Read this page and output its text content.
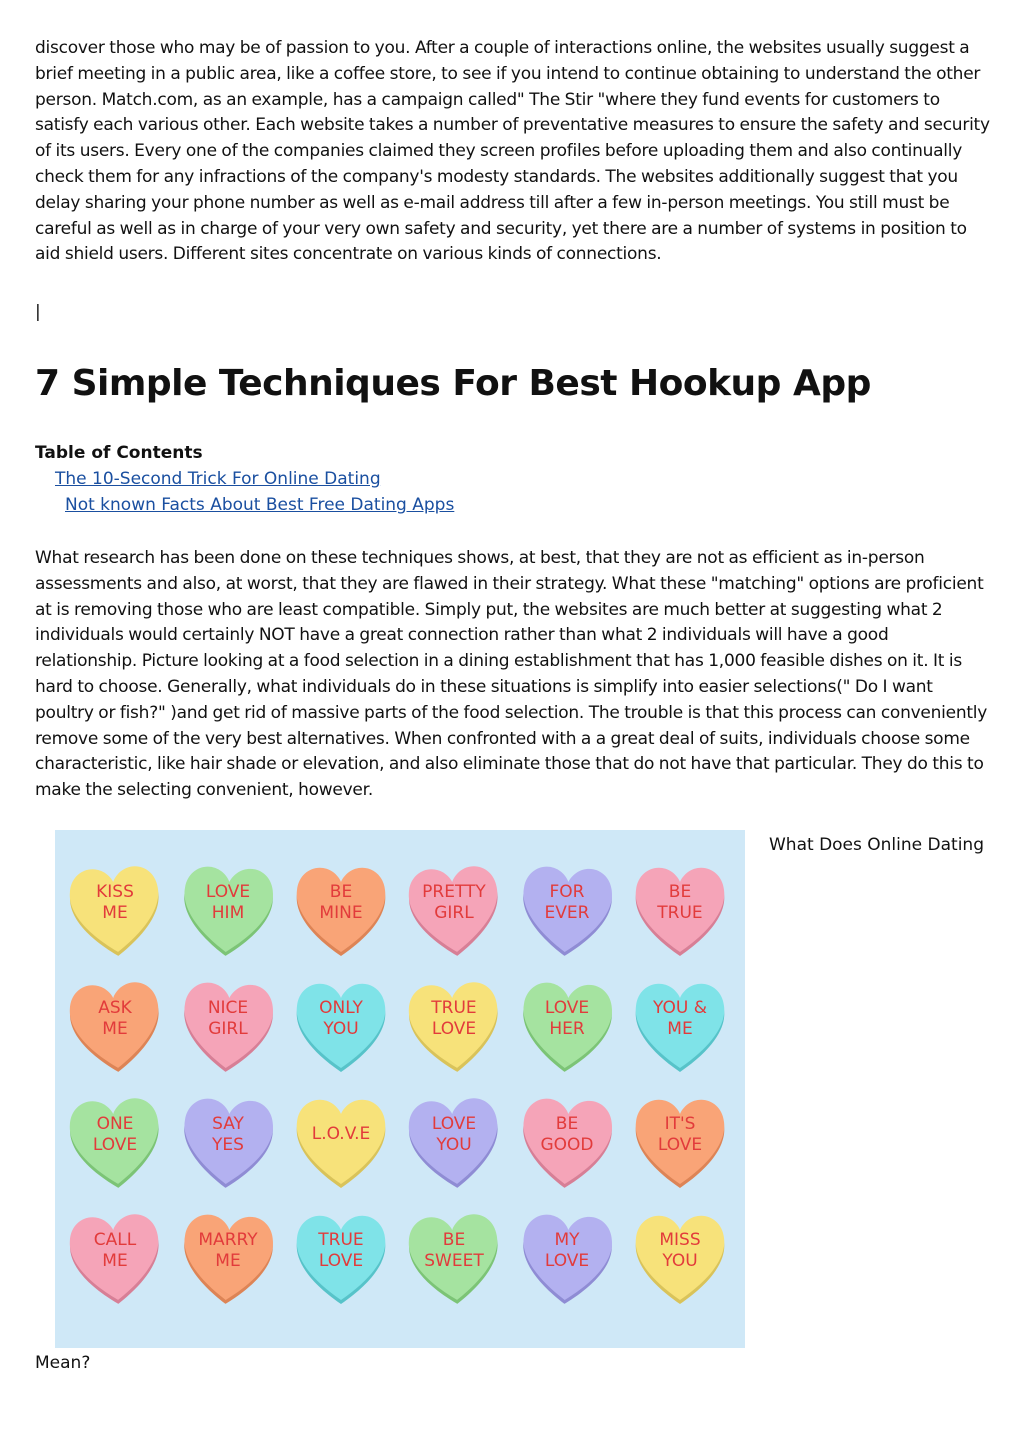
discover those who may be of passion to you. After a couple of interactions online, the websites usually suggest a brief meeting in a public area, like a coffee store, to see if you intend to continue obtaining to understand the other person. Match.com, as an example, has a campaign called" The Stir "where they fund events for customers to satisfy each various other. Each website takes a number of preventative measures to ensure the safety and security of its users. Every one of the companies claimed they screen profiles before uploading them and also continually check them for any infractions of the company's modesty standards. The websites additionally suggest that you delay sharing your phone number as well as e-mail address till after a few in-person meetings. You still must be careful as well as in charge of your very own safety and security, yet there are a number of systems in position to aid shield users. Different sites concentrate on various kinds of connections.

|
7 Simple Techniques For Best Hookup App

Table of Contents

The 10-Second Trick For Online Dating
Not known Facts About Best Free Dating Apps

What research has been done on these techniques shows, at best, that they are not as efficient as in-person assessments and also, at worst, that they are flawed in their strategy. What these "matching" options are proficient at is removing those who are least compatible. Simply put, the websites are much better at suggesting what 2 individuals would certainly NOT have a great connection rather than what 2 individuals will have a good relationship. Picture looking at a food selection in a dining establishment that has 1,000 feasible dishes on it. It is hard to choose. Generally, what individuals do in these situations is simplify into easier selections(" Do I want poultry or fish?" )and get rid of massive parts of the food selection. The trouble is that this process can conveniently remove some of the very best alternatives. When confronted with a a great deal of suits, individuals choose some characteristic, like hair shade or elevation, and also eliminate those that do not have that particular. They do this to make the selecting convenient, however.

KISS
ME
LOVE
HIM
BE
MINE
PRETTY
GIRL
FOR
EVER
BE
TRUE
ASK
ME
NICE
GIRL
ONLY
YOU
TRUE
LOVE
LOVE
HER
YOU &
ME
ONE
LOVE
SAY
YES
L.O.V.E	LOVE
YOU
BE
GOOD
IT'S
LOVE
CALL
ME
MARRY
ME
TRUE
LOVE
BE
SWEET
MY
LOVE
MISS
YOU
What Does Online Dating
Mean?
